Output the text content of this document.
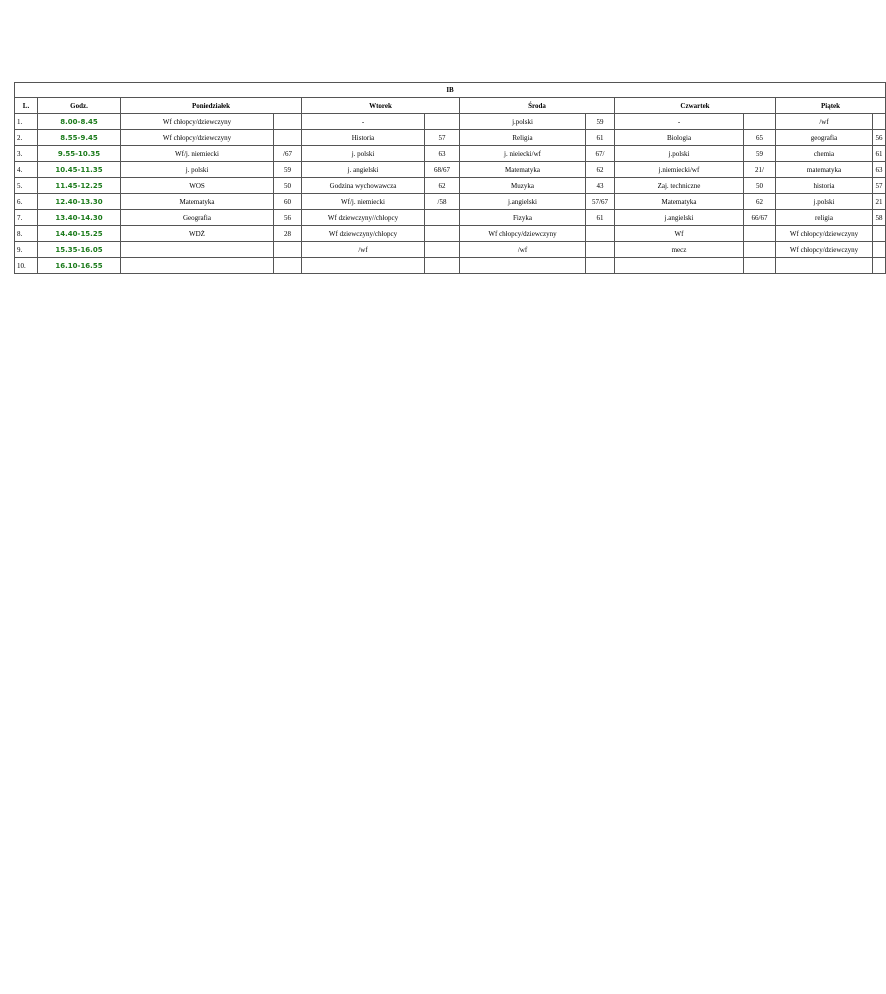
IB											
L.	Godz.	Poniedziałek		Wtorek		Środa		Czwartek		Piątek	
1.	8.00-8.45	Wf chłopcy/dziewczyny		-		j.polski	59	-		/wf	
2.	8.55-9.45	Wf chłopcy/dziewczyny		Historia	57	Religia	61	Biologia	65	geografia	56
3.	9.55-10.35	Wf/j. niemiecki	/67	j. polski	63	j. nieiecki/wf	67/	j.polski	59	chemia	61
4.	10.45-11.35	j. polski	59	j. angielski	68/67	Matematyka	62	j.niemiecki/wf	21/	matematyka	63
5.	11.45-12.25	WOS	50	Godzina wychowawcza	62	Muzyka	43	Zaj. techniczne	50	historia	57
6.	12.40-13.30	Matematyka	60	Wf/j. niemiecki	/58	j.angielski	57/67	Matematyka	62	j.polski	21
7.	13.40-14.30	Geografia	56	Wf dziewczyny//chłopcy		Fizyka	61	j.angielski	66/67	religia	58
8.	14.40-15.25	WDŻ	28	Wf dziewczyny/chłopcy		Wf chłopcy/dziewczyny		Wf		Wf chłopcy/dziewczyny	
9.	15.35-16.05			/wf		/wf		mecz		Wf chłopcy/dziewczyny	
10.	16.10-16.55										
